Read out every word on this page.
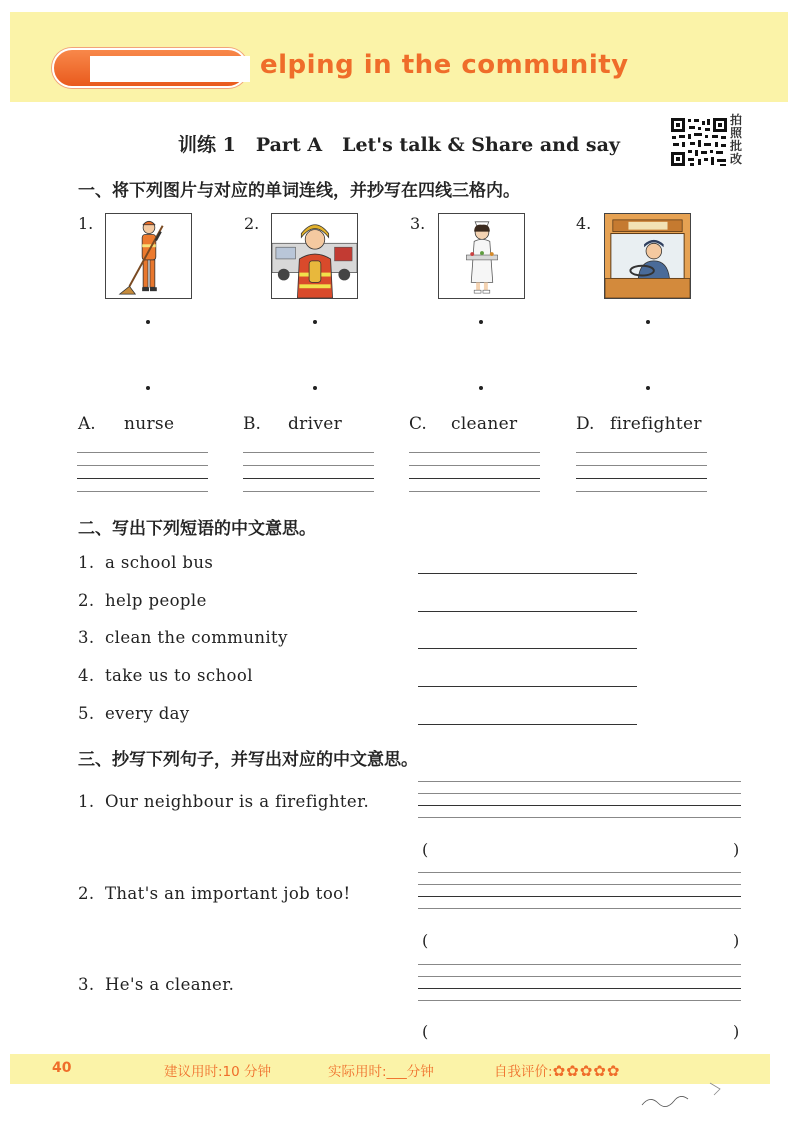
elping in the community
训练 1 Part A Let's talk & Share and say
拍照批改
一、将下列图片与对应的单词连线，并抄写在四线三格内。
1.	2.	3.	4.
A. nurse	B. driver	C. cleaner	D. firefighter
二、写出下列短语的中文意思。
1. a school bus
2. help people
3. clean the community
4. take us to school
5. every day
三、抄写下列句子，并写出对应的中文意思。
1. Our neighbour is a firefighter.
(	)
2. That's an important job too!
(	)
3. He's a cleaner.
(	)
40	建议用时:10 分钟	实际用时:___分钟	自我评价:✿✿✿✿✿
